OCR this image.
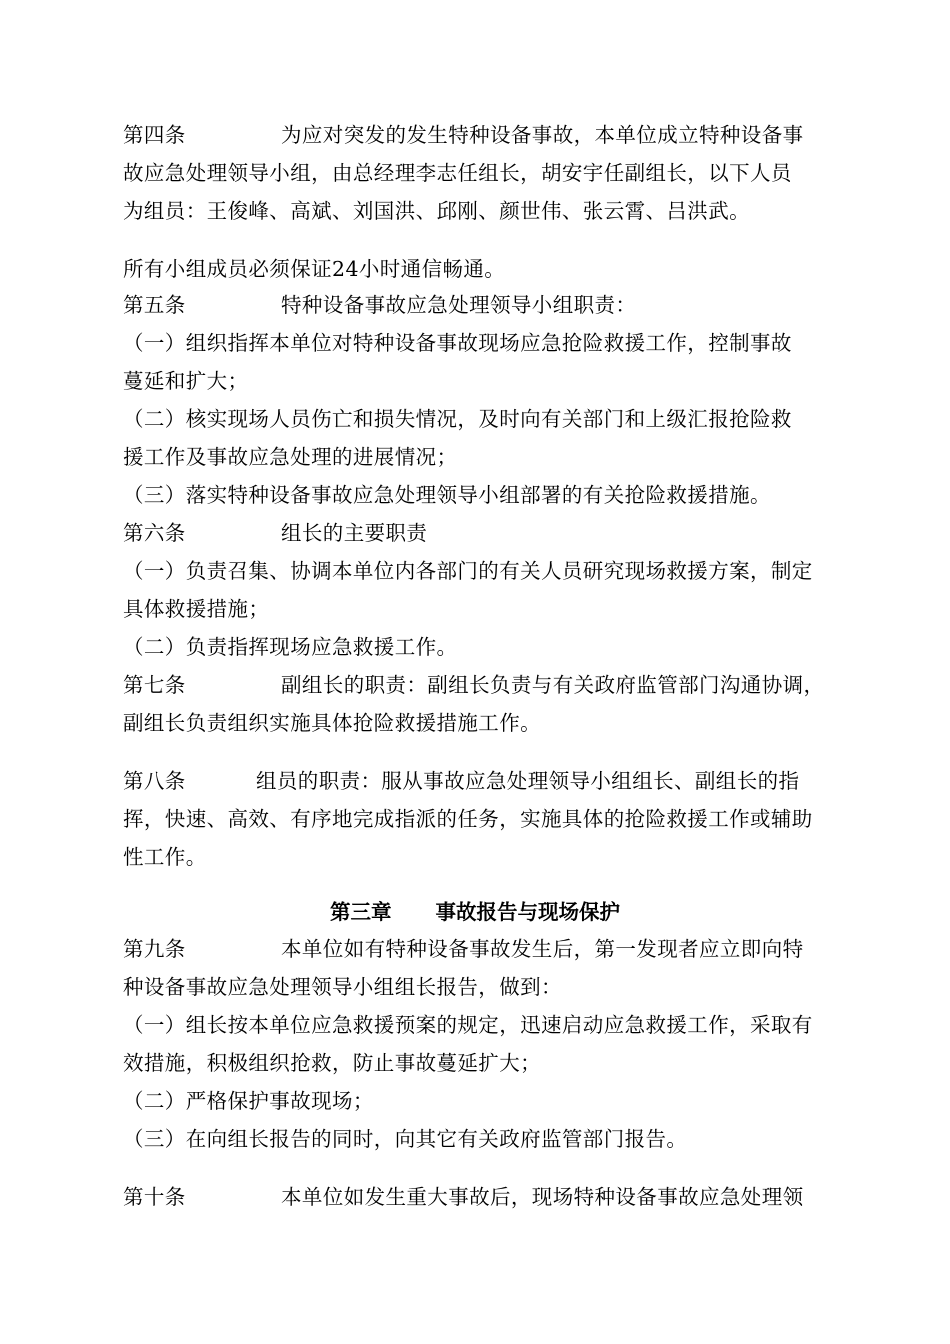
第四条	为应对突发的发生特种设备事故，本单位成立特种设备事
故应急处理领导小组，由总经理李志任组长，胡安宇任副组长，以下人员
为组员：王俊峰、高斌、刘国洪、邱刚、颜世伟、张云霄、吕洪武。
所有小组成员必须保证24小时通信畅通。
第五条	特种设备事故应急处理领导小组职责：
（一）组织指挥本单位对特种设备事故现场应急抢险救援工作，控制事故
蔓延和扩大；
（二）核实现场人员伤亡和损失情况，及时向有关部门和上级汇报抢险救
援工作及事故应急处理的进展情况；
（三）落实特种设备事故应急处理领导小组部署的有关抢险救援措施。
第六条	组长的主要职责
（一）负责召集、协调本单位内各部门的有关人员研究现场救援方案，制定
具体救援措施；
（二）负责指挥现场应急救援工作。
第七条	副组长的职责：副组长负责与有关政府监管部门沟通协调，
副组长负责组织实施具体抢险救援措施工作。
第八条	组员的职责：服从事故应急处理领导小组组长、副组长的指
挥，快速、高效、有序地完成指派的任务，实施具体的抢险救援工作或辅助
性工作。
第三章 事故报告与现场保护
第九条	本单位如有特种设备事故发生后，第一发现者应立即向特
种设备事故应急处理领导小组组长报告，做到：
（一）组长按本单位应急救援预案的规定，迅速启动应急救援工作，采取有
效措施，积极组织抢救，防止事故蔓延扩大；
（二）严格保护事故现场；
（三）在向组长报告的同时，向其它有关政府监管部门报告。
第十条	本单位如发生重大事故后，现场特种设备事故应急处理领
